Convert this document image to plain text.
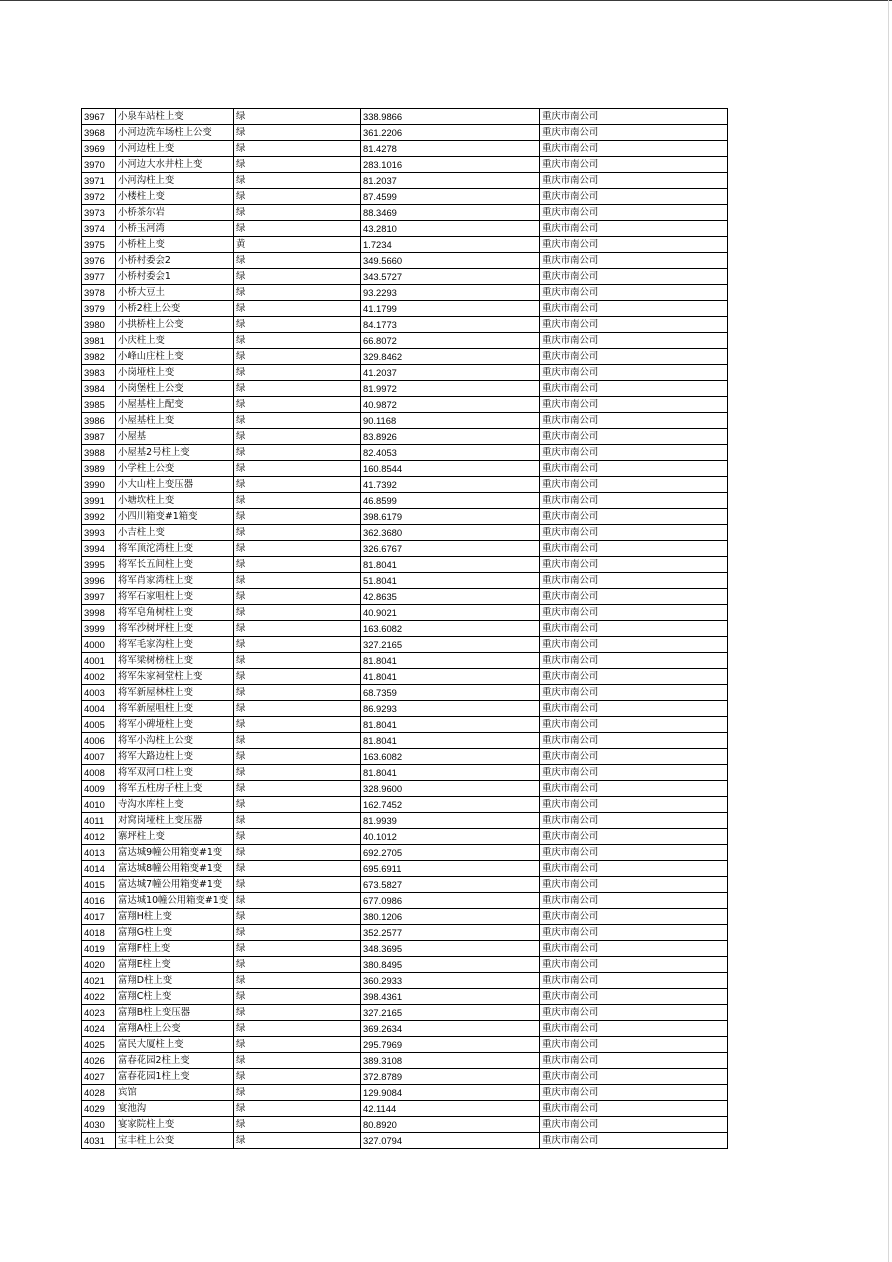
3967	小泉车站柱上变	绿	338.9866	重庆市南公司
3968	小河边洗车场柱上公变	绿	361.2206	重庆市南公司
3969	小河边柱上变	绿	81.4278	重庆市南公司
3970	小河边大水井柱上变	绿	283.1016	重庆市南公司
3971	小河沟柱上变	绿	81.2037	重庆市南公司
3972	小楼柱上变	绿	87.4599	重庆市南公司
3973	小桥茶尔岩	绿	88.3469	重庆市南公司
3974	小桥玉河湾	绿	43.2810	重庆市南公司
3975	小桥柱上变	黄	1.7234	重庆市南公司
3976	小桥村委会2	绿	349.5660	重庆市南公司
3977	小桥村委会1	绿	343.5727	重庆市南公司
3978	小桥大豆土	绿	93.2293	重庆市南公司
3979	小桥2柱上公变	绿	41.1799	重庆市南公司
3980	小拱桥柱上公变	绿	84.1773	重庆市南公司
3981	小庆柱上变	绿	66.8072	重庆市南公司
3982	小峰山庄柱上变	绿	329.8462	重庆市南公司
3983	小岗垭柱上变	绿	41.2037	重庆市南公司
3984	小岗堡柱上公变	绿	81.9972	重庆市南公司
3985	小屋基柱上配变	绿	40.9872	重庆市南公司
3986	小屋基柱上变	绿	90.1168	重庆市南公司
3987	小屋基	绿	83.8926	重庆市南公司
3988	小屋基2号柱上变	绿	82.4053	重庆市南公司
3989	小学柱上公变	绿	160.8544	重庆市南公司
3990	小大山柱上变压器	绿	41.7392	重庆市南公司
3991	小塘坎柱上变	绿	46.8599	重庆市南公司
3992	小四川箱变#1箱变	绿	398.6179	重庆市南公司
3993	小吉柱上变	绿	362.3680	重庆市南公司
3994	将军顶沱湾柱上变	绿	326.6767	重庆市南公司
3995	将军长五间柱上变	绿	81.8041	重庆市南公司
3996	将军肖家湾柱上变	绿	51.8041	重庆市南公司
3997	将军石家咀柱上变	绿	42.8635	重庆市南公司
3998	将军皂角树柱上变	绿	40.9021	重庆市南公司
3999	将军沙树坪柱上变	绿	163.6082	重庆市南公司
4000	将军毛家沟柱上变	绿	327.2165	重庆市南公司
4001	将军梁树榜柱上变	绿	81.8041	重庆市南公司
4002	将军朱家祠堂柱上变	绿	41.8041	重庆市南公司
4003	将军新屋林柱上变	绿	68.7359	重庆市南公司
4004	将军新屋咀柱上变	绿	86.9293	重庆市南公司
4005	将军小碑垭柱上变	绿	81.8041	重庆市南公司
4006	将军小沟柱上公变	绿	81.8041	重庆市南公司
4007	将军大路边柱上变	绿	163.6082	重庆市南公司
4008	将军双河口柱上变	绿	81.8041	重庆市南公司
4009	将军五柱房子柱上变	绿	328.9600	重庆市南公司
4010	寺沟水库柱上变	绿	162.7452	重庆市南公司
4011	对窝岗垭柱上变压器	绿	81.9939	重庆市南公司
4012	寨坪柱上变	绿	40.1012	重庆市南公司
4013	富达城9幢公用箱变#1变	绿	692.2705	重庆市南公司
4014	富达城8幢公用箱变#1变	绿	695.6911	重庆市南公司
4015	富达城7幢公用箱变#1变	绿	673.5827	重庆市南公司
4016	富达城10幢公用箱变#1变	绿	677.0986	重庆市南公司
4017	富翔H柱上变	绿	380.1206	重庆市南公司
4018	富翔G柱上变	绿	352.2577	重庆市南公司
4019	富翔F柱上变	绿	348.3695	重庆市南公司
4020	富翔E柱上变	绿	380.8495	重庆市南公司
4021	富翔D柱上变	绿	360.2933	重庆市南公司
4022	富翔C柱上变	绿	398.4361	重庆市南公司
4023	富翔B柱上变压器	绿	327.2165	重庆市南公司
4024	富翔A柱上公变	绿	369.2634	重庆市南公司
4025	富民大厦柱上变	绿	295.7969	重庆市南公司
4026	富春花园2柱上变	绿	389.3108	重庆市南公司
4027	富春花园1柱上变	绿	372.8789	重庆市南公司
4028	宾馆	绿	129.9084	重庆市南公司
4029	宴池沟	绿	42.1144	重庆市南公司
4030	宴家院柱上变	绿	80.8920	重庆市南公司
4031	宝丰柱上公变	绿	327.0794	重庆市南公司
